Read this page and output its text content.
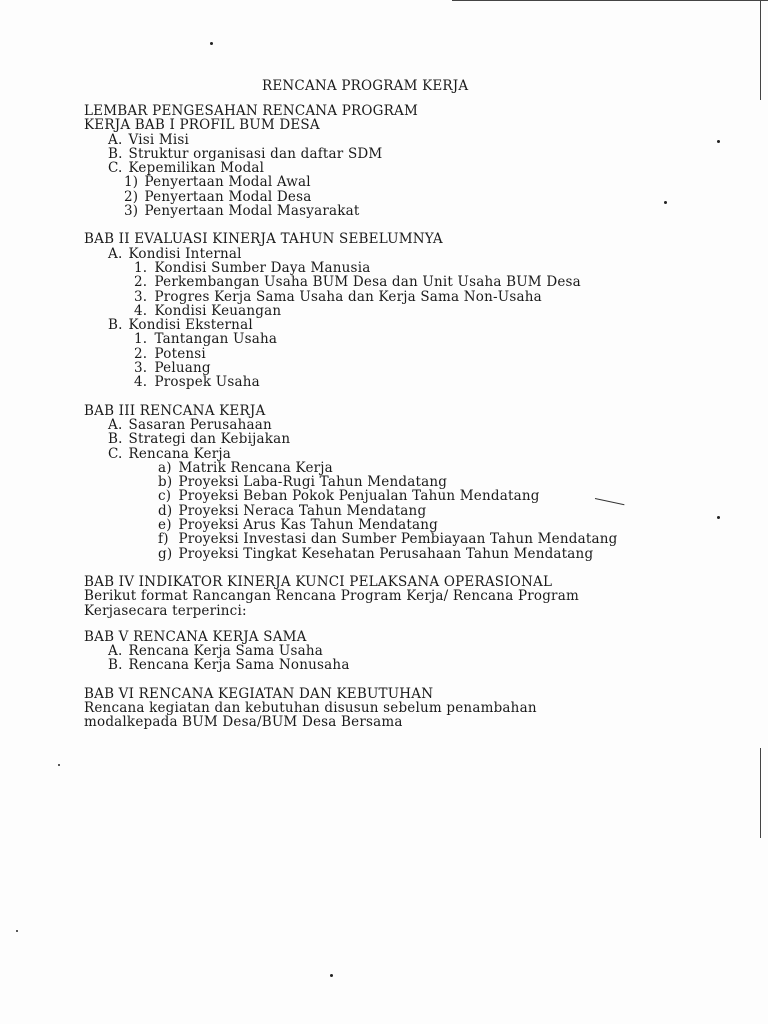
RENCANA PROGRAM KERJA
LEMBAR PENGESAHAN RENCANA PROGRAM
KERJA BAB I PROFIL BUM DESA
A. Visi Misi
B. Struktur organisasi dan daftar SDM
C. Kepemilikan Modal
1) Penyertaan Modal Awal
2) Penyertaan Modal Desa
3) Penyertaan Modal Masyarakat
BAB II EVALUASI KINERJA TAHUN SEBELUMNYA
A. Kondisi Internal
1. Kondisi Sumber Daya Manusia
2. Perkembangan Usaha BUM Desa dan Unit Usaha BUM Desa
3. Progres Kerja Sama Usaha dan Kerja Sama Non-Usaha
4. Kondisi Keuangan
B. Kondisi Eksternal
1. Tantangan Usaha
2. Potensi
3. Peluang
4. Prospek Usaha
BAB III RENCANA KERJA
A. Sasaran Perusahaan
B. Strategi dan Kebijakan
C. Rencana Kerja
a) Matrik Rencana Kerja
b) Proyeksi Laba-Rugi Tahun Mendatang
c) Proyeksi Beban Pokok Penjualan Tahun Mendatang
d) Proyeksi Neraca Tahun Mendatang
e) Proyeksi Arus Kas Tahun Mendatang
f) Proyeksi Investasi dan Sumber Pembiayaan Tahun Mendatang
g) Proyeksi Tingkat Kesehatan Perusahaan Tahun Mendatang
BAB IV INDIKATOR KINERJA KUNCI PELAKSANA OPERASIONAL
Berikut format Rancangan Rencana Program Kerja/ Rencana Program
Kerjasecara terperinci:
BAB V RENCANA KERJA SAMA
A. Rencana Kerja Sama Usaha
B. Rencana Kerja Sama Nonusaha
BAB VI RENCANA KEGIATAN DAN KEBUTUHAN
Rencana kegiatan dan kebutuhan disusun sebelum penambahan
modalkepada BUM Desa/BUM Desa Bersama
